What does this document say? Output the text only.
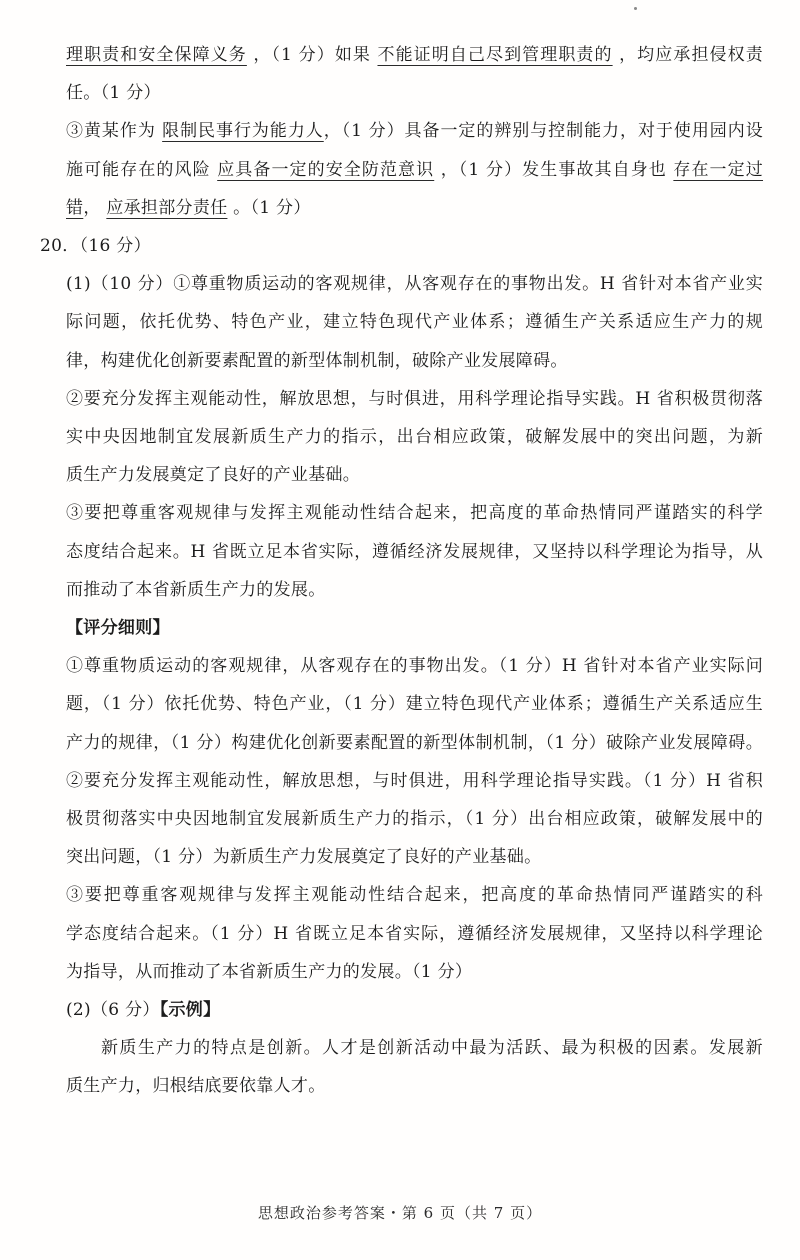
理职责和安全保障义务 ，（1 分）如果 不能证明自己尽到管理职责的 ，均应承担侵权责
任。（1 分）
③黄某作为 限制民事行为能力人，（1 分）具备一定的辨别与控制能力，对于使用园内设
施可能存在的风险 应具备一定的安全防范意识 ，（1 分）发生事故其自身也 存在一定过
错， 应承担部分责任 。（1 分）
20．（16 分）
(1)（10 分）①尊重物质运动的客观规律，从客观存在的事物出发。H 省针对本省产业实
际问题，依托优势、特色产业，建立特色现代产业体系；遵循生产关系适应生产力的规
律，构建优化创新要素配置的新型体制机制，破除产业发展障碍。
②要充分发挥主观能动性，解放思想，与时俱进，用科学理论指导实践。H 省积极贯彻落
实中央因地制宜发展新质生产力的指示，出台相应政策，破解发展中的突出问题，为新
质生产力发展奠定了良好的产业基础。
③要把尊重客观规律与发挥主观能动性结合起来，把高度的革命热情同严谨踏实的科学
态度结合起来。H 省既立足本省实际，遵循经济发展规律，又坚持以科学理论为指导，从
而推动了本省新质生产力的发展。
【评分细则】
①尊重物质运动的客观规律，从客观存在的事物出发。（1 分）H 省针对本省产业实际问
题，（1 分）依托优势、特色产业，（1 分）建立特色现代产业体系；遵循生产关系适应生
产力的规律，（1 分）构建优化创新要素配置的新型体制机制，（1 分）破除产业发展障碍。
②要充分发挥主观能动性，解放思想，与时俱进，用科学理论指导实践。（1 分）H 省积
极贯彻落实中央因地制宜发展新质生产力的指示，（1 分）出台相应政策，破解发展中的
突出问题，（1 分）为新质生产力发展奠定了良好的产业基础。
③要把尊重客观规律与发挥主观能动性结合起来，把高度的革命热情同严谨踏实的科
学态度结合起来。（1 分）H 省既立足本省实际，遵循经济发展规律，又坚持以科学理论
为指导，从而推动了本省新质生产力的发展。（1 分）
(2)（6 分）【示例】
新质生产力的特点是创新。人才是创新活动中最为活跃、最为积极的因素。发展新
质生产力，归根结底要依靠人才。
思想政治参考答案・第 6 页（共 7 页）
